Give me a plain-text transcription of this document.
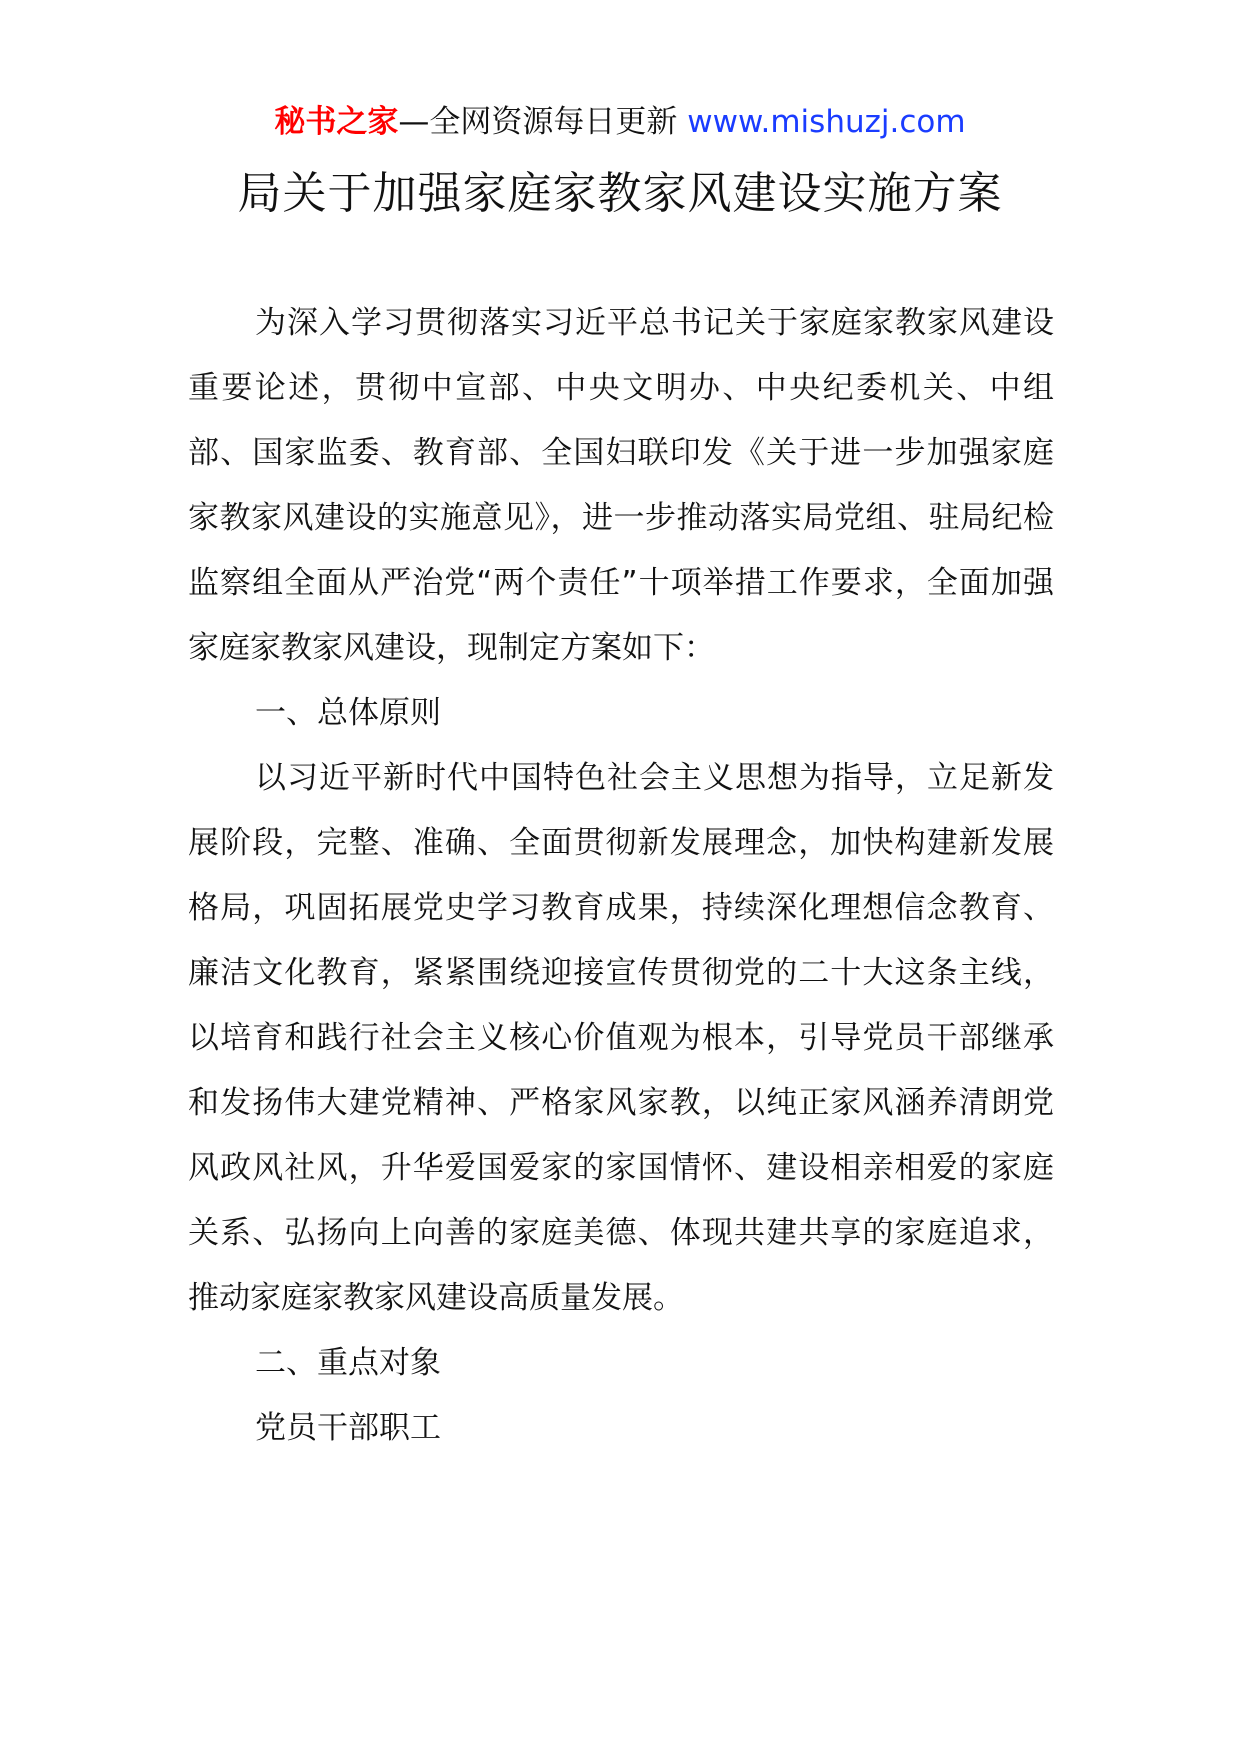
秘书之家—全网资源每日更新 www.mishuzj.com
局关于加强家庭家教家风建设实施方案

为深入学习贯彻落实习近平总书记关于家庭家教家风建设重要论述，贯彻中宣部、中央文明办、中央纪委机关、中组部、国家监委、教育部、全国妇联印发《关于进一步加强家庭家教家风建设的实施意见》，进一步推动落实局党组、驻局纪检监察组全面从严治党“两个责任”十项举措工作要求，全面加强家庭家教家风建设，现制定方案如下：

一、总体原则

以习近平新时代中国特色社会主义思想为指导，立足新发展阶段，完整、准确、全面贯彻新发展理念，加快构建新发展格局，巩固拓展党史学习教育成果，持续深化理想信念教育、廉洁文化教育，紧紧围绕迎接宣传贯彻党的二十大这条主线，以培育和践行社会主义核心价值观为根本，引导党员干部继承和发扬伟大建党精神、严格家风家教，以纯正家风涵养清朗党风政风社风，升华爱国爱家的家国情怀、建设相亲相爱的家庭关系、弘扬向上向善的家庭美德、体现共建共享的家庭追求，推动家庭家教家风建设高质量发展。

二、重点对象

党员干部职工
